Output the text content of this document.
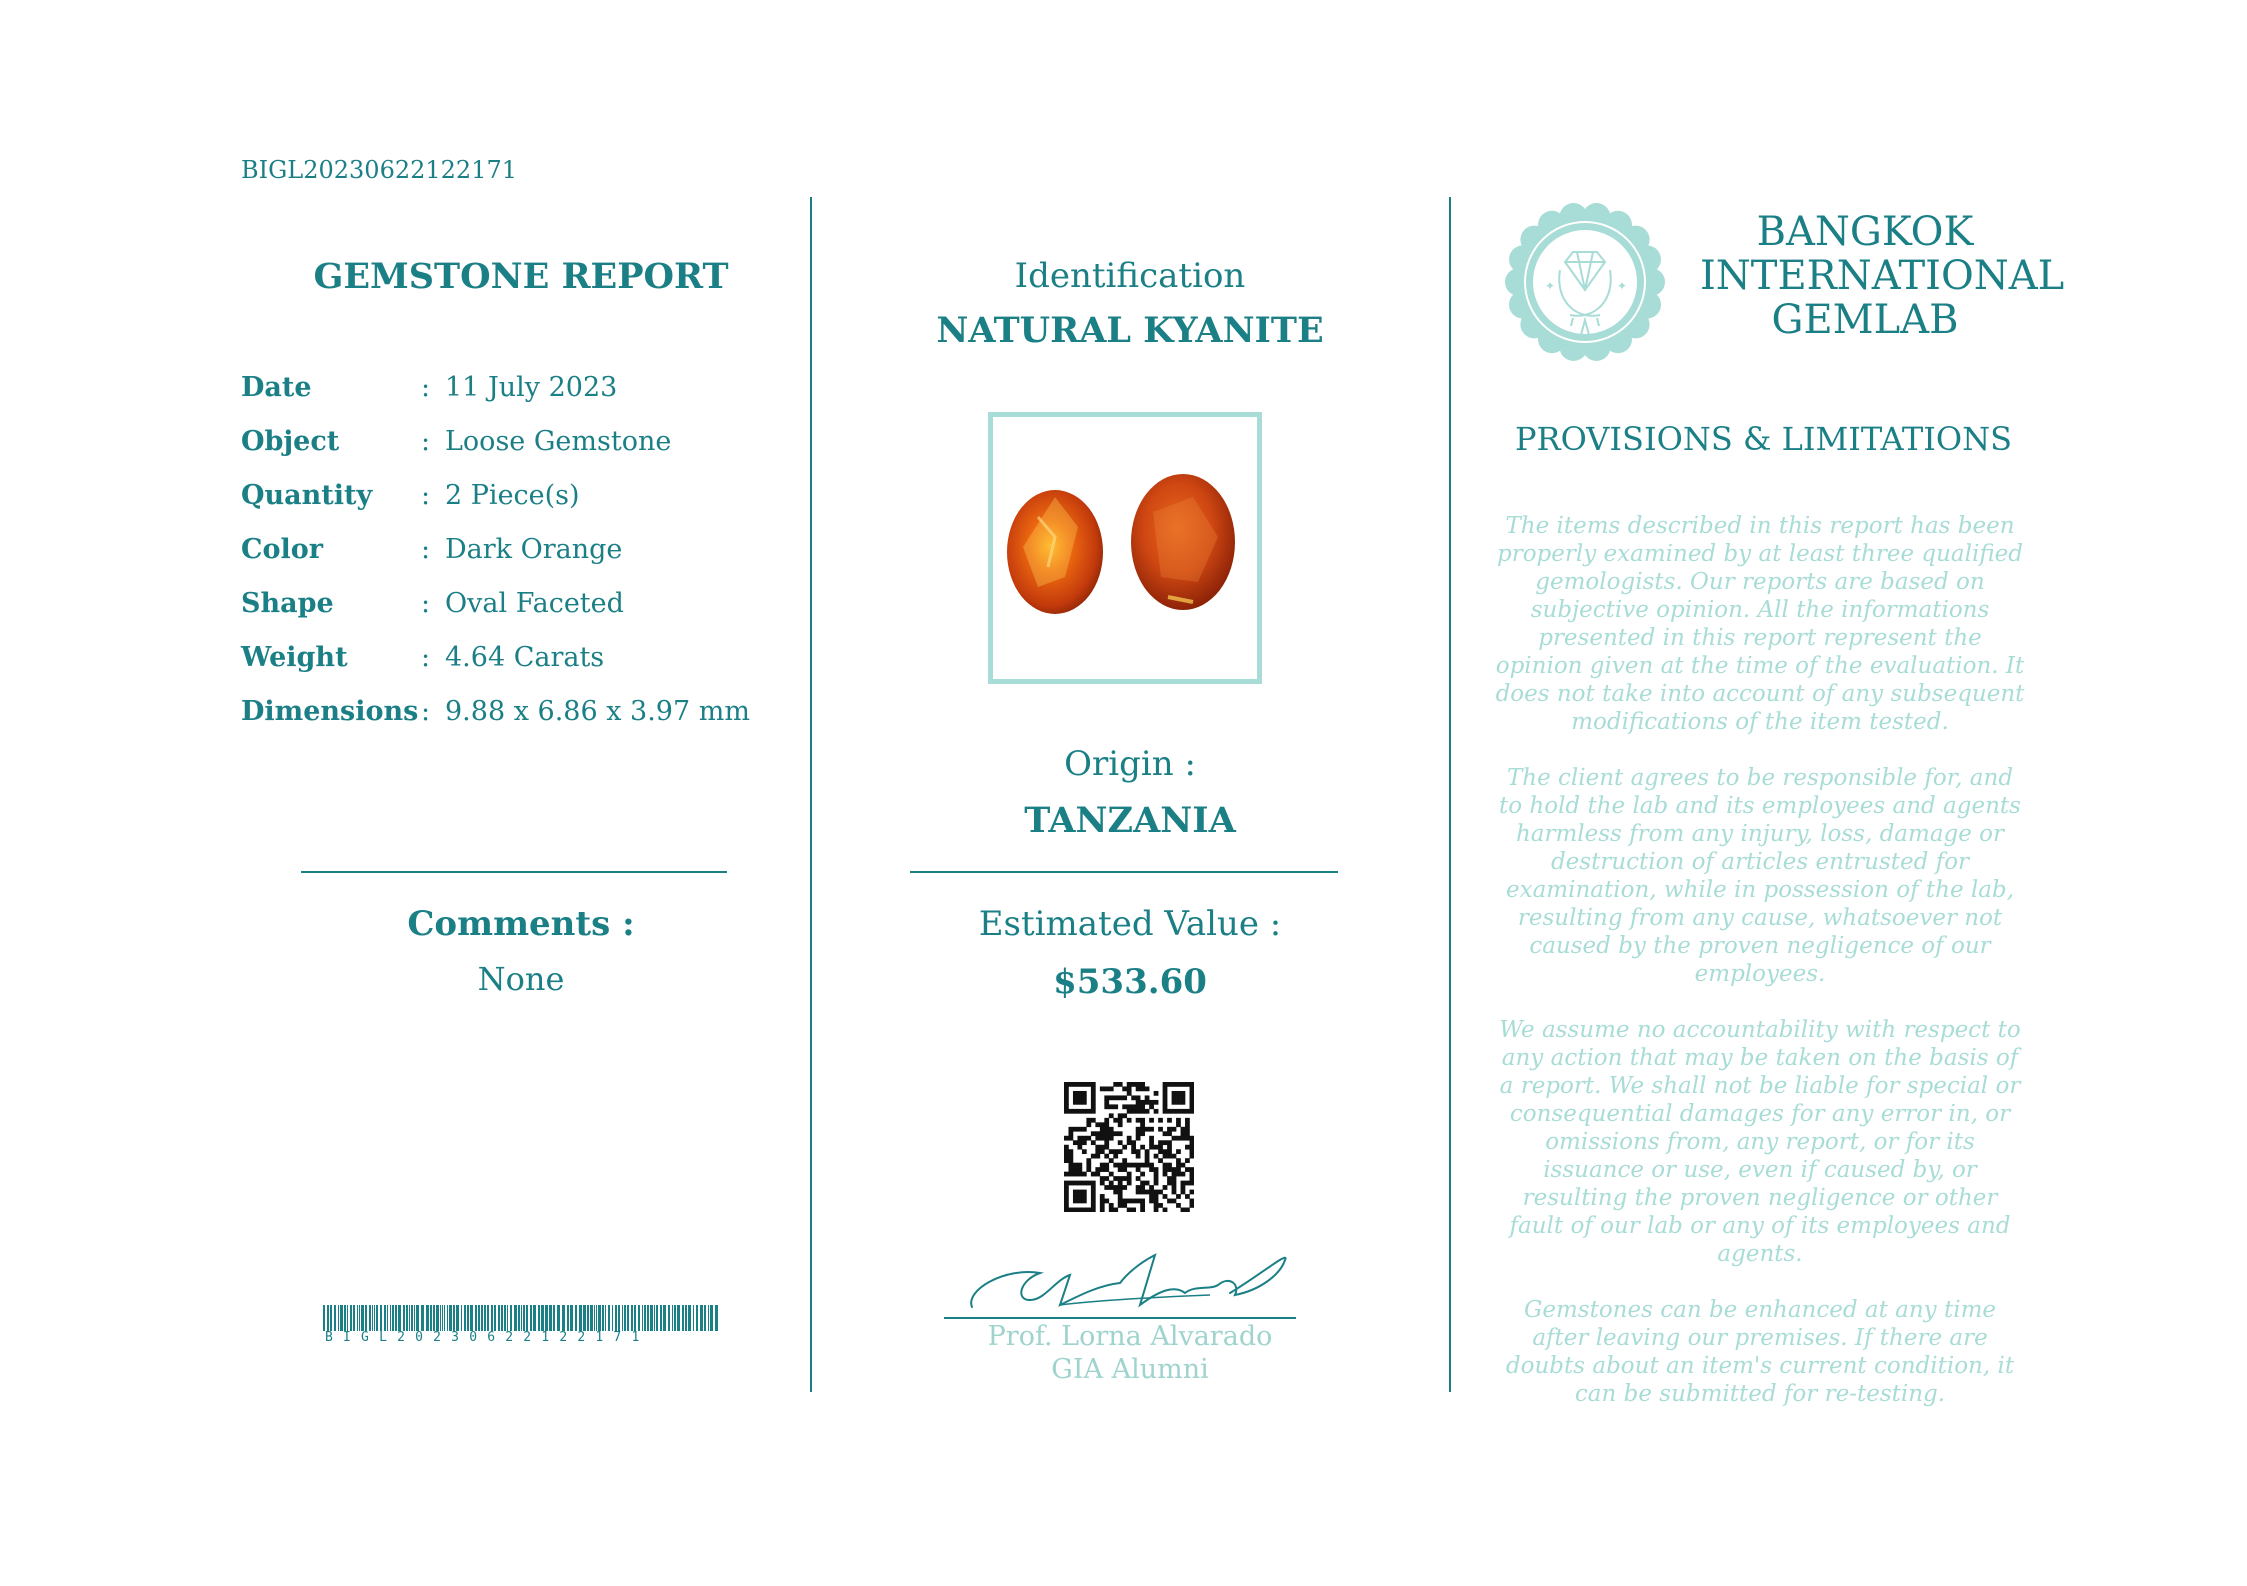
BIGL20230622122171
GEMSTONE REPORT
Date	: 11 July 2023
Object	: Loose Gemstone
Quantity : 2 Piece(s)
Color	: Dark Orange
Shape	: Oval Faceted
Weight	: 4.64 Carats
Dimensions : 9.88 x 6.86 x 3.97 mm
Comments :
None
BIGL20230622122171
Identification
NATURAL KYANITE
Origin :
TANZANIA
Estimated Value :
$533.60
Prof. Lorna Alvarado
GIA Alumni
✦	✦
BANGKOK
INTERNATIONAL
GEMLAB
PROVISIONS & LIMITATIONS

The items described in this report has been properly examined by at least three qualified gemologists. Our reports are based on subjective opinion. All the informations presented in this report represent the opinion given at the time of the evaluation. It does not take into account of any subsequent modifications of the item tested.

The client agrees to be responsible for, and to hold the lab and its employees and agents harmless from any injury, loss, damage or destruction of articles entrusted for examination, while in possession of the lab, resulting from any cause, whatsoever not caused by the proven negligence of our employees.

We assume no accountability with respect to any action that may be taken on the basis of a report. We shall not be liable for special or consequential damages for any error in, or omissions from, any report, or for its issuance or use, even if caused by, or resulting the proven negligence or other fault of our lab or any of its employees and agents.

Gemstones can be enhanced at any time after leaving our premises. If there are doubts about an item's current condition, it can be submitted for re-testing.
